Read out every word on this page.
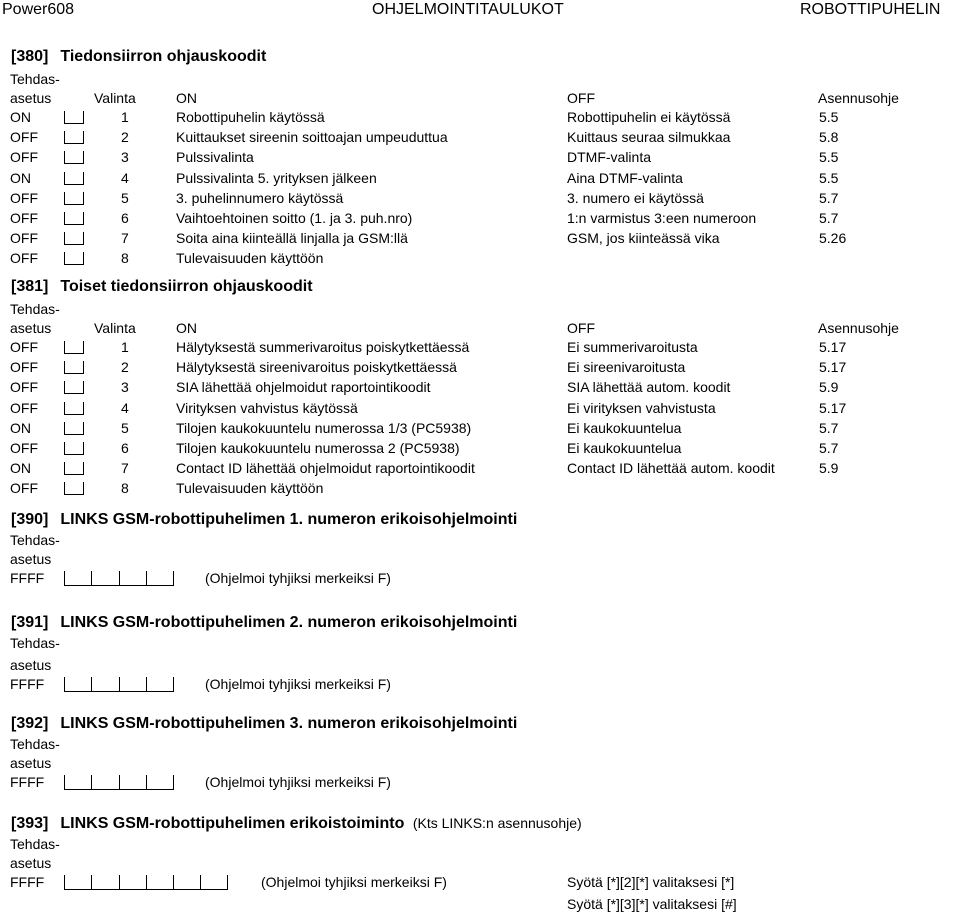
Power608	OHJELMOINTITAULUKOT	ROBOTTIPUHELIN
[380] Tiedonsiirron ohjauskoodit
Tehdas-
asetus	Valinta	ON	OFF	Asennusohje
ON	1	Robottipuhelin käytössä	Robottipuhelin ei käytössä	5.5
OFF	2	Kuittaukset sireenin soittoajan umpeuduttua	Kuittaus seuraa silmukkaa	5.8
OFF	3	Pulssivalinta	DTMF-valinta	5.5
ON	4	Pulssivalinta 5. yrityksen jälkeen	Aina DTMF-valinta	5.5
OFF	5	3. puhelinnumero käytössä	3. numero ei käytössä	5.7
OFF	6	Vaihtoehtoinen soitto (1. ja 3. puh.nro)	1:n varmistus 3:een numeroon	5.7
OFF	7	Soita aina kiinteällä linjalla ja GSM:llä	GSM, jos kiinteässä vika	5.26
OFF	8	Tulevaisuuden käyttöön
[381] Toiset tiedonsiirron ohjauskoodit
Tehdas-
asetus	Valinta	ON	OFF	Asennusohje
OFF	1	Hälytyksestä summerivaroitus poiskytkettäessä	Ei summerivaroitusta	5.17
OFF	2	Hälytyksestä sireenivaroitus poiskytkettäessä	Ei sireenivaroitusta	5.17
OFF	3	SIA lähettää ohjelmoidut raportointikoodit	SIA lähettää autom. koodit	5.9
OFF	4	Virityksen vahvistus käytössä	Ei virityksen vahvistusta	5.17
ON	5	Tilojen kaukokuuntelu numerossa 1/3 (PC5938)	Ei kaukokuuntelua	5.7
OFF	6	Tilojen kaukokuuntelu numerossa 2 (PC5938)	Ei kaukokuuntelua	5.7
ON	7	Contact ID lähettää ohjelmoidut raportointikoodit	Contact ID lähettää autom. koodit	5.9
OFF	8	Tulevaisuuden käyttöön
[390] LINKS GSM-robottipuhelimen 1. numeron erikoisohjelmointi
Tehdas-
asetus
FFFF	(Ohjelmoi tyhjiksi merkeiksi F)
[391] LINKS GSM-robottipuhelimen 2. numeron erikoisohjelmointi
Tehdas-
asetus
FFFF	(Ohjelmoi tyhjiksi merkeiksi F)
[392] LINKS GSM-robottipuhelimen 3. numeron erikoisohjelmointi
Tehdas-
asetus
FFFF	(Ohjelmoi tyhjiksi merkeiksi F)
[393] LINKS GSM-robottipuhelimen erikoistoiminto (Kts LINKS:n asennusohje)
Tehdas-
asetus
FFFF	(Ohjelmoi tyhjiksi merkeiksi F)	Syötä [*][2][*] valitaksesi [*]
Syötä [*][3][*] valitaksesi [#]
